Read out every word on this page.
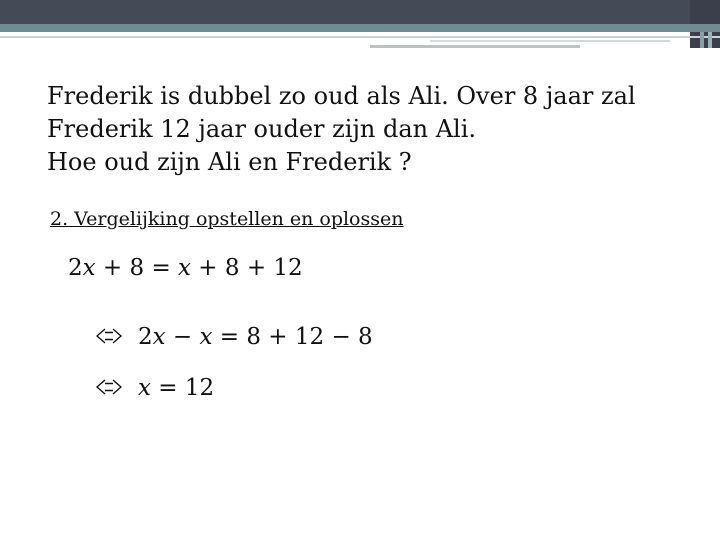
Frederik is dubbel zo oud als Ali. Over 8 jaar zal
Frederik 12 jaar ouder zijn dan Ali.
Hoe oud zijn Ali en Frederik ?
2. Vergelijking opstellen en oplossen
2𝑥 + 8 = 𝑥 + 8 + 12
2𝑥 − 𝑥 = 8 + 12 − 8
𝑥 = 12
